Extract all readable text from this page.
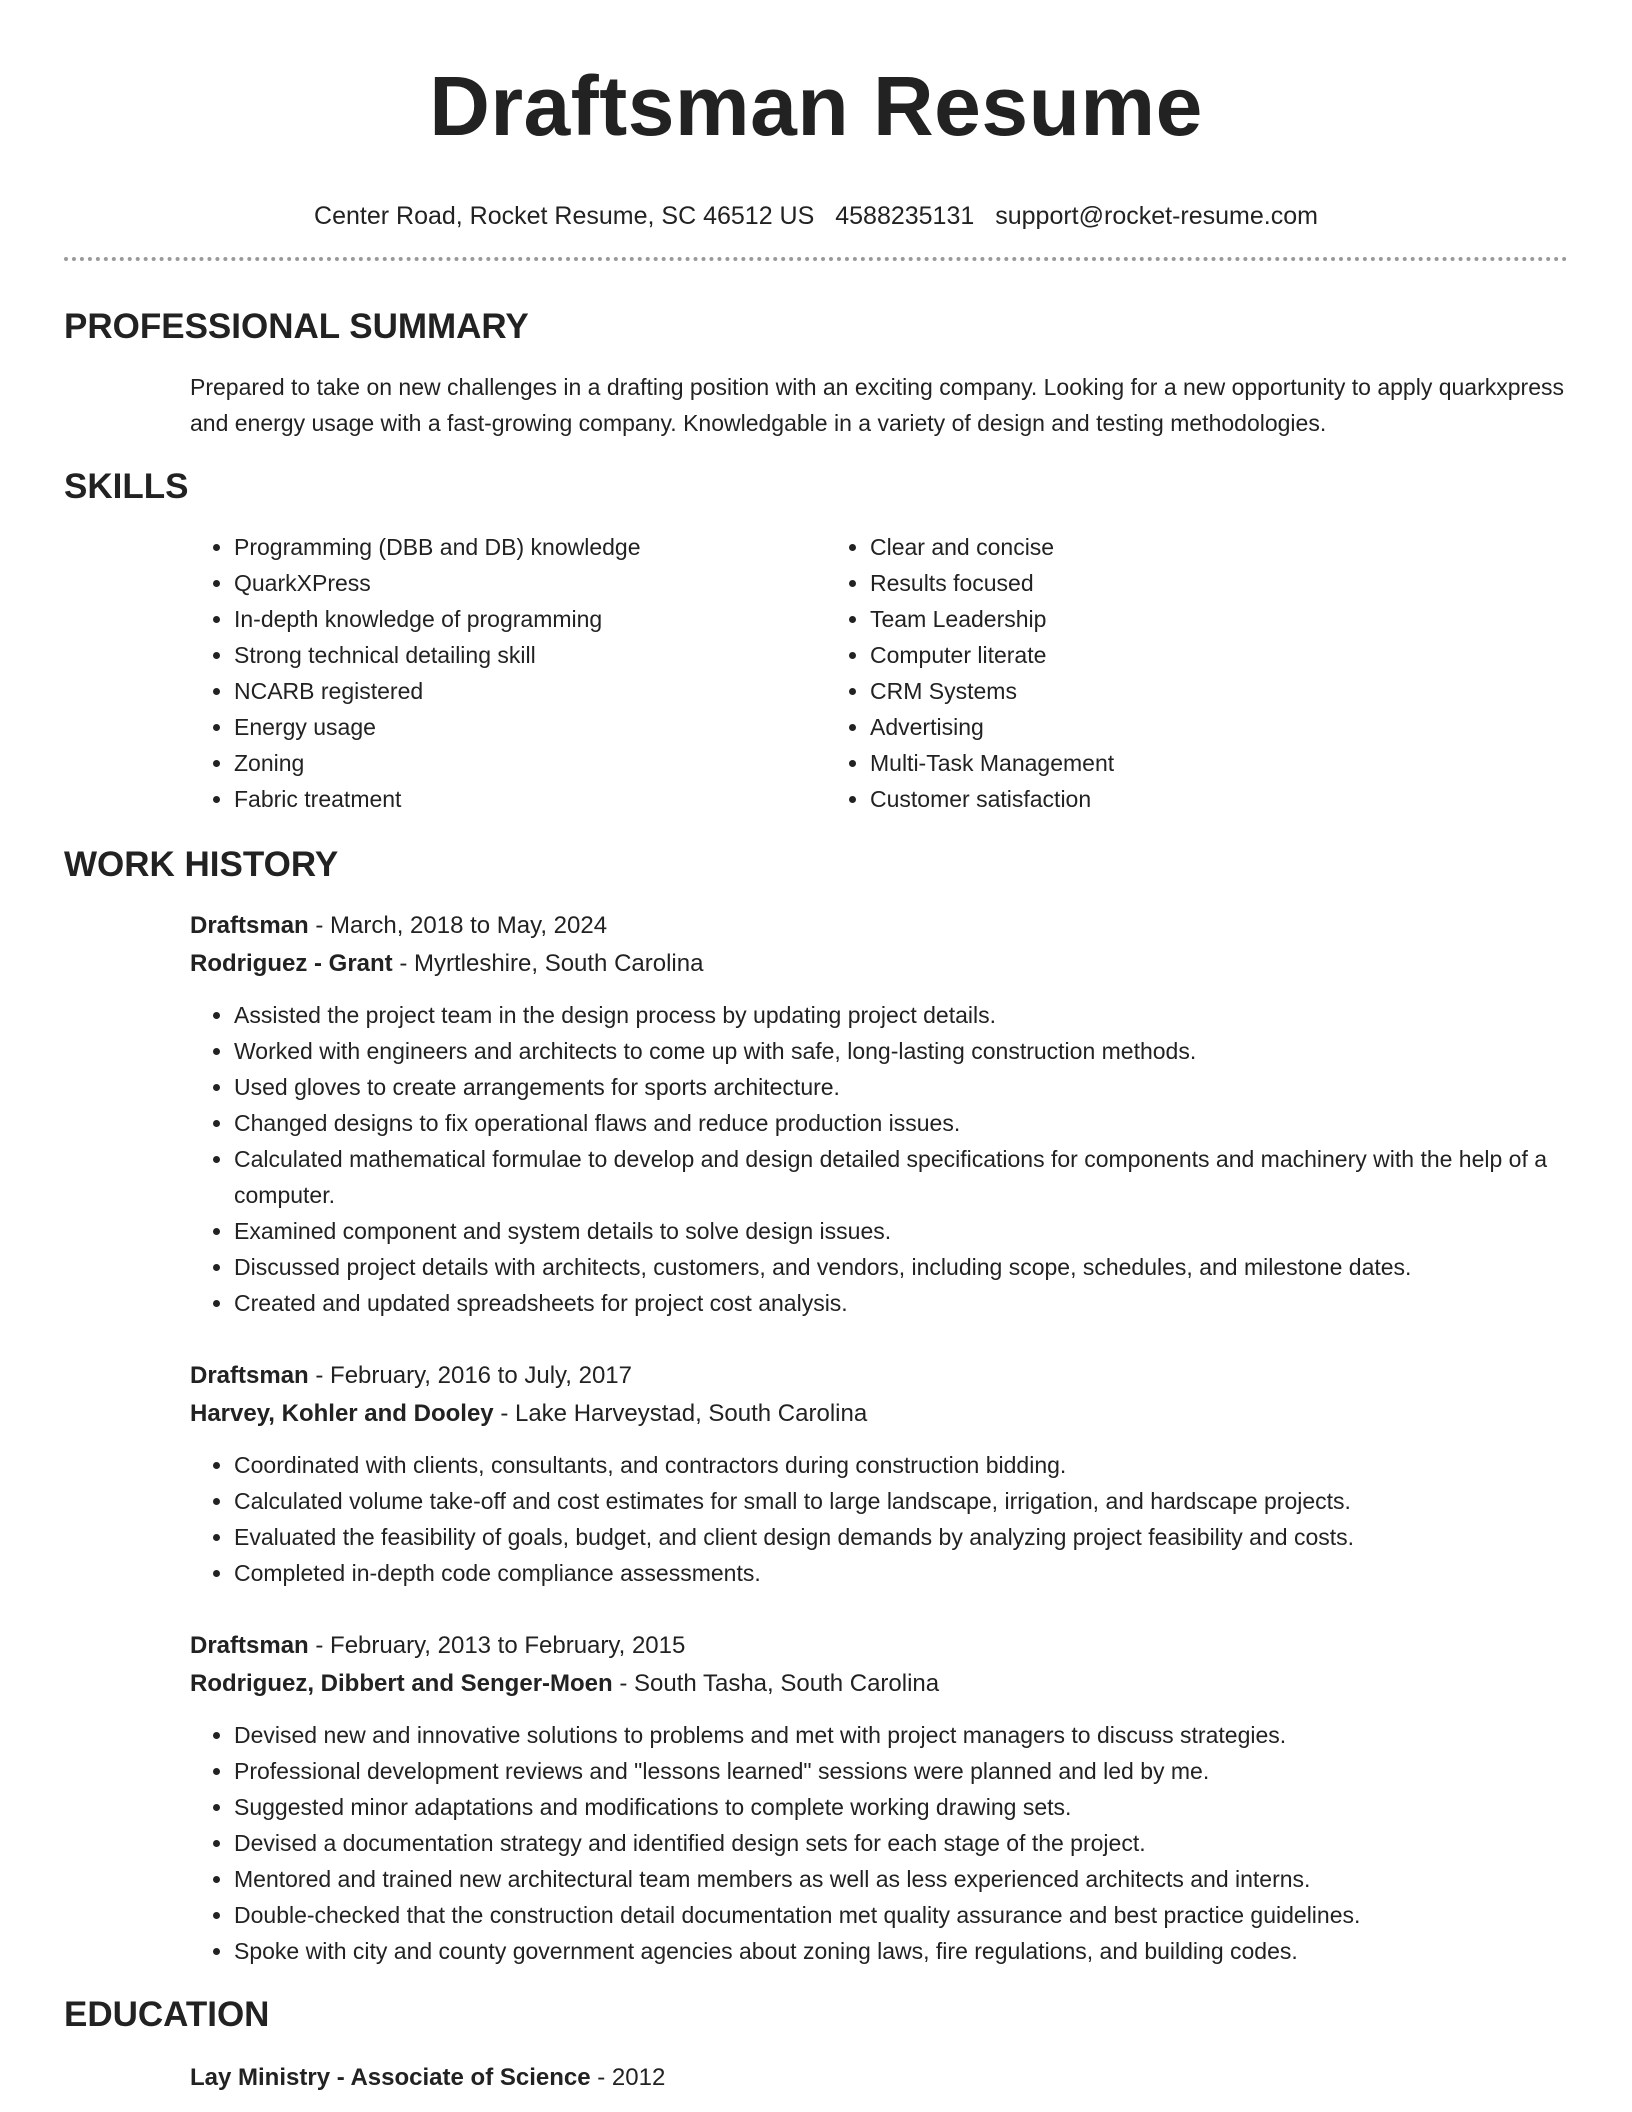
Draftsman Resume
Center Road, Rocket Resume, SC 46512 US 4588235131 support@rocket-resume.com
PROFESSIONAL SUMMARY

Prepared to take on new challenges in a drafting position with an exciting company. Looking for a new opportunity to apply quarkxpress and energy usage with a fast-growing company. Knowledgable in a variety of design and testing methodologies.

SKILLS
• Programming (DBB and DB) knowledge
• QuarkXPress
• In-depth knowledge of programming
• Strong technical detailing skill
• NCARB registered
• Energy usage
• Zoning
• Fabric treatment
• Clear and concise
• Results focused
• Team Leadership
• Computer literate
• CRM Systems
• Advertising
• Multi-Task Management
• Customer satisfaction
WORK HISTORY
Draftsman - March, 2018 to May, 2024
Rodriguez - Grant - Myrtleshire, South Carolina
• Assisted the project team in the design process by updating project details.
• Worked with engineers and architects to come up with safe, long-lasting construction methods.
• Used gloves to create arrangements for sports architecture.
• Changed designs to fix operational flaws and reduce production issues.
• Calculated mathematical formulae to develop and design detailed specifications for components and machinery with the help of a computer.
• Examined component and system details to solve design issues.
• Discussed project details with architects, customers, and vendors, including scope, schedules, and milestone dates.
• Created and updated spreadsheets for project cost analysis.
Draftsman - February, 2016 to July, 2017
Harvey, Kohler and Dooley - Lake Harveystad, South Carolina
• Coordinated with clients, consultants, and contractors during construction bidding.
• Calculated volume take-off and cost estimates for small to large landscape, irrigation, and hardscape projects.
• Evaluated the feasibility of goals, budget, and client design demands by analyzing project feasibility and costs.
• Completed in-depth code compliance assessments.
Draftsman - February, 2013 to February, 2015
Rodriguez, Dibbert and Senger-Moen - South Tasha, South Carolina
• Devised new and innovative solutions to problems and met with project managers to discuss strategies.
• Professional development reviews and "lessons learned" sessions were planned and led by me.
• Suggested minor adaptations and modifications to complete working drawing sets.
• Devised a documentation strategy and identified design sets for each stage of the project.
• Mentored and trained new architectural team members as well as less experienced architects and interns.
• Double-checked that the construction detail documentation met quality assurance and best practice guidelines.
• Spoke with city and county government agencies about zoning laws, fire regulations, and building codes.
EDUCATION
Lay Ministry - Associate of Science - 2012
